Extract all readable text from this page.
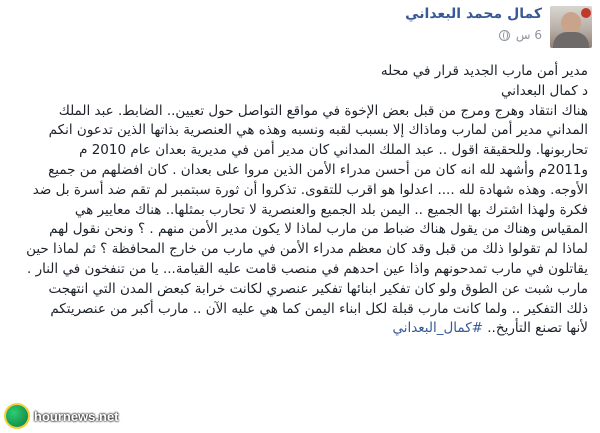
كمال محمد البعداني
6 س

مدير أمن مارب الجديد قرار في محله

د كمال البعداني

هناك انتقاد وهرج ومرج من قبل بعض الإخوة في مواقع التواصل حول تعيين.. الضابط. عبد الملك

المداني مدير أمن لمارب وماذاك إلا بسبب لقبه ونسبه وهذه هي العنصرية بذاتها الذين تدعون انكم

تحاربونها. وللحقيقة اقول .. عبد الملك المداني كان مدير أمن في مديرية بعدان عام 2010 م

و2011م وأشهد لله انه كان من أحسن مدراء الأمن الذين مروا على بعدان . كان افضلهم من جميع

الأوجه. وهذه شهادة لله .... اعدلوا هو اقرب للتقوى. تذكروا أن ثورة سبتمبر لم تقم ضد أسرة بل ضد

فكرة ولهذا اشترك بها الجميع .. اليمن بلد الجميع والعنصرية لا تحارب بمثلها.. هناك معايير هي

المقياس وهناك من يقول هناك ضباط من مارب لماذا لا يكون مدير الأمن منهم . ؟ ونحن نقول لهم

لماذا لم تقولوا ذلك من قبل وقد كان معظم مدراء الأمن في مارب من خارج المحافظة ؟ ثم لماذا حين

يقاتلون في مارب تمدحونهم واذا عين احدهم في منصب قامت عليه القيامة... يا من تنفخون في النار .

مارب شبت عن الطوق ولو كان تفكير ابنائها تفكير عنصري لكانت خرابة كبعض المدن التي انتهجت

ذلك التفكير .. ولما كانت مارب قبلة لكل ابناء اليمن كما هي عليه الآن .. مارب أكبر من عنصريتكم

لأنها تصنع التأريخ.. #كمال_البعداني

hournews.net
